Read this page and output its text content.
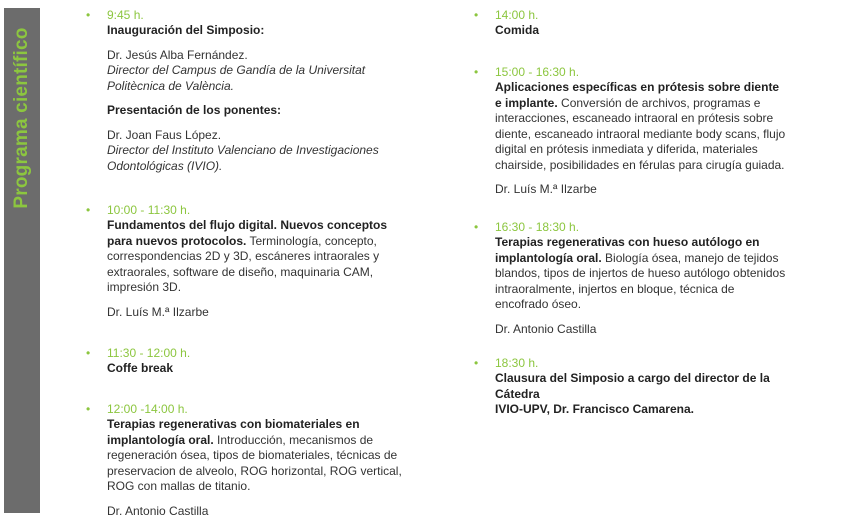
Programa científico
• 9:45 h.

Inauguración del Simposio:

Dr. Jesús Alba Fernández.

Director del Campus de Gandía de la Universitat

Politècnica de València.

Presentación de los ponentes:

Dr. Joan Faus López.

Director del Instituto Valenciano de Investigaciones

Odontológicas (IVIO).

• 10:00 - 11:30 h.

Fundamentos del flujo digital. Nuevos conceptos

para nuevos protocolos. Terminología, concepto,

correspondencias 2D y 3D, escáneres intraorales y

extraorales, software de diseño, maquinaria CAM,

impresión 3D.

Dr. Luís M.ª Ilzarbe

• 11:30 - 12:00 h.

Coffe break

• 12:00 -14:00 h.

Terapias regenerativas con biomateriales en

implantología oral. Introducción, mecanismos de

regeneración ósea, tipos de biomateriales, técnicas de

preservacion de alveolo, ROG horizontal, ROG vertical,

ROG con mallas de titanio.

Dr. Antonio Castilla

• 14:00 h.

Comida

• 15:00 - 16:30 h.

Aplicaciones específicas en prótesis sobre diente

e implante. Conversión de archivos, programas e

interacciones, escaneado intraoral en prótesis sobre

diente, escaneado intraoral mediante body scans, flujo

digital en prótesis inmediata y diferida, materiales

chairside, posibilidades en férulas para cirugía guiada.

Dr. Luís M.ª Ilzarbe

• 16:30 - 18:30 h.

Terapias regenerativas con hueso autólogo en

implantología oral. Biología ósea, manejo de tejidos

blandos, tipos de injertos de hueso autólogo obtenidos

intraoralmente, injertos en bloque, técnica de

encofrado óseo.

Dr. Antonio Castilla

• 18:30 h.

Clausura del Simposio a cargo del director de la Cátedra

IVIO-UPV, Dr. Francisco Camarena.
